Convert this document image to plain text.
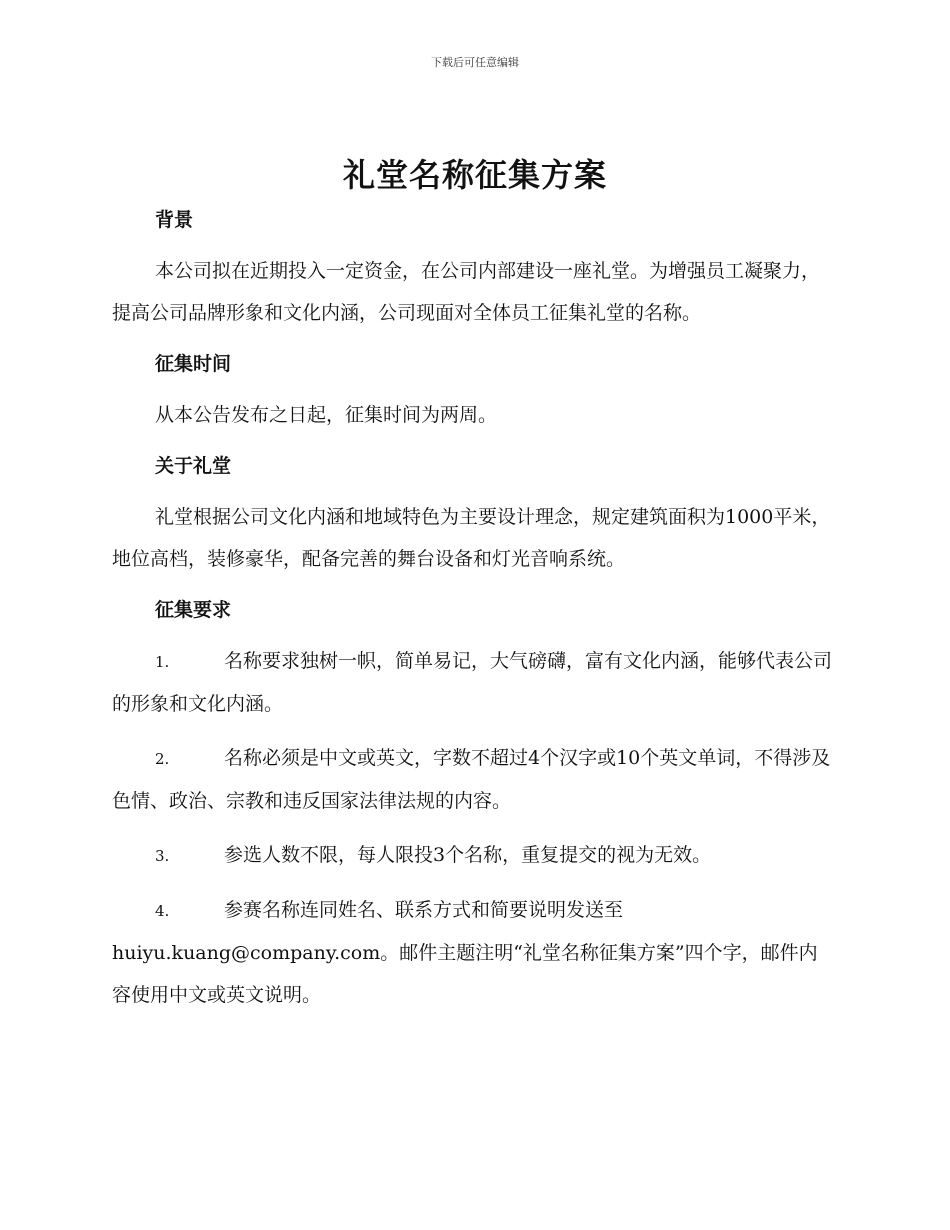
下载后可任意编辑
礼堂名称征集方案
背景

本公司拟在近期投入一定资金，在公司内部建设一座礼堂。为增强员工凝聚力，提高公司品牌形象和文化内涵，公司现面对全体员工征集礼堂的名称。

征集时间

从本公告发布之日起，征集时间为两周。

关于礼堂

礼堂根据公司文化内涵和地域特色为主要设计理念，规定建筑面积为1000平米，地位高档，装修豪华，配备完善的舞台设备和灯光音响系统。

征集要求

1.	名称要求独树一帜，简单易记，大气磅礴，富有文化内涵，能够代表公司的形象和文化内涵。

2.	名称必须是中文或英文，字数不超过4个汉字或10个英文单词，不得涉及色情、政治、宗教和违反国家法律法规的内容。

3.	参选人数不限，每人限投3个名称，重复提交的视为无效。

4.	参赛名称连同姓名、联系方式和简要说明发送至
huiyu.kuang@company.com。邮件主题注明“礼堂名称征集方案”四个字，邮件内容使用中文或英文说明。
